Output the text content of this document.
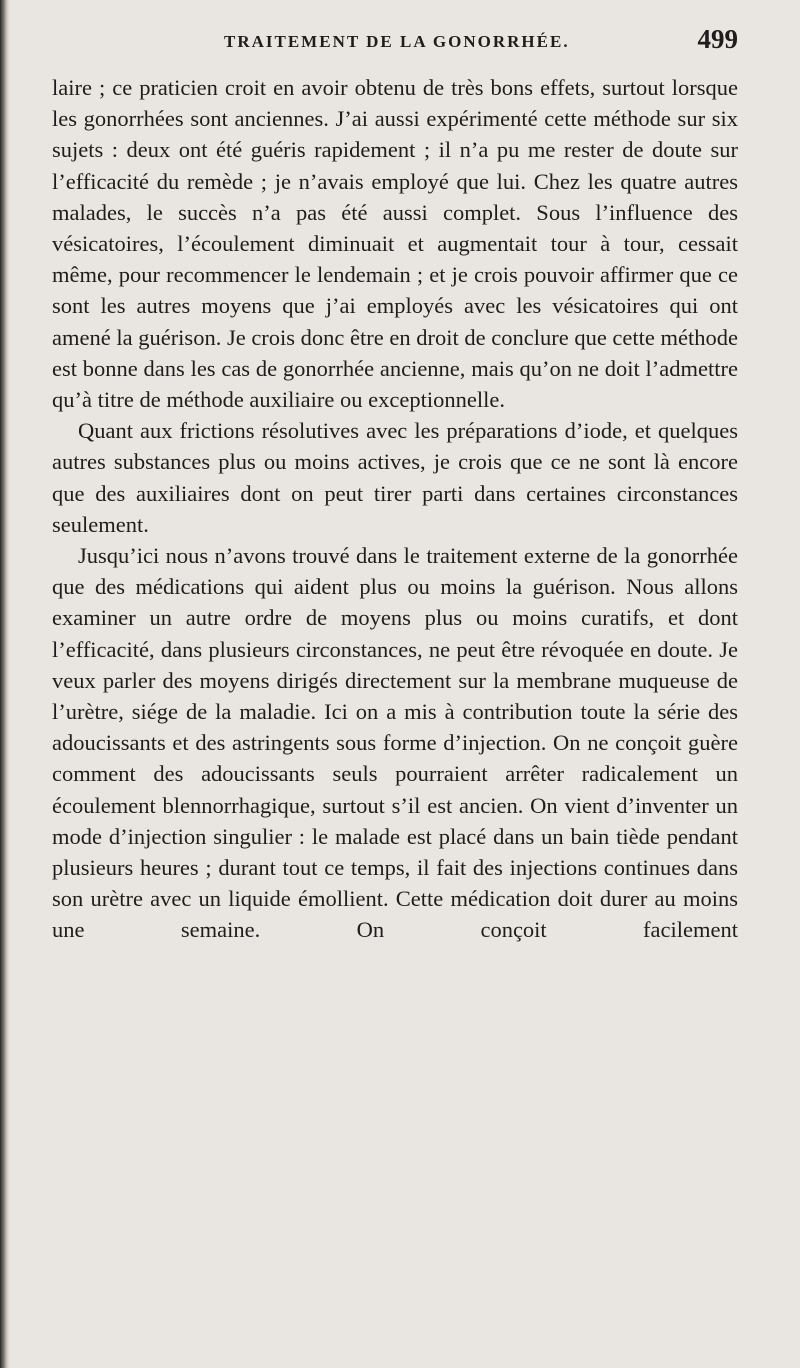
TRAITEMENT DE LA GONORRHÉE.	499

laire ; ce praticien croit en avoir obtenu de très bons effets, surtout lorsque les gonorrhées sont anciennes. J’ai aussi expérimenté cette méthode sur six sujets : deux ont été guéris rapidement ; il n’a pu me rester de doute sur l’efficacité du remède ; je n’avais employé que lui. Chez les quatre autres malades, le succès n’a pas été aussi complet. Sous l’influence des vésicatoires, l’écoulement diminuait et augmentait tour à tour, cessait même, pour recommencer le lendemain ; et je crois pouvoir affirmer que ce sont les autres moyens que j’ai employés avec les vésicatoires qui ont amené la guérison. Je crois donc être en droit de conclure que cette méthode est bonne dans les cas de gonorrhée ancienne, mais qu’on ne doit l’admettre qu’à titre de méthode auxiliaire ou exceptionnelle.

Quant aux frictions résolutives avec les préparations d’iode, et quelques autres substances plus ou moins actives, je crois que ce ne sont là encore que des auxiliaires dont on peut tirer parti dans certaines circonstances seulement.

Jusqu’ici nous n’avons trouvé dans le traitement externe de la gonorrhée que des médications qui aident plus ou moins la guérison. Nous allons examiner un autre ordre de moyens plus ou moins curatifs, et dont l’efficacité, dans plusieurs circonstances, ne peut être révoquée en doute. Je veux parler des moyens dirigés directement sur la membrane muqueuse de l’urètre, siége de la maladie. Ici on a mis à contribution toute la série des adoucissants et des astringents sous forme d’injection. On ne conçoit guère comment des adoucissants seuls pourraient arrêter radicalement un écoulement blennorrhagique, surtout s’il est ancien. On vient d’inventer un mode d’injection singulier : le malade est placé dans un bain tiède pendant plusieurs heures ; durant tout ce temps, il fait des injections continues dans son urètre avec un liquide émollient. Cette médication doit durer au moins une semaine. On conçoit facilement
